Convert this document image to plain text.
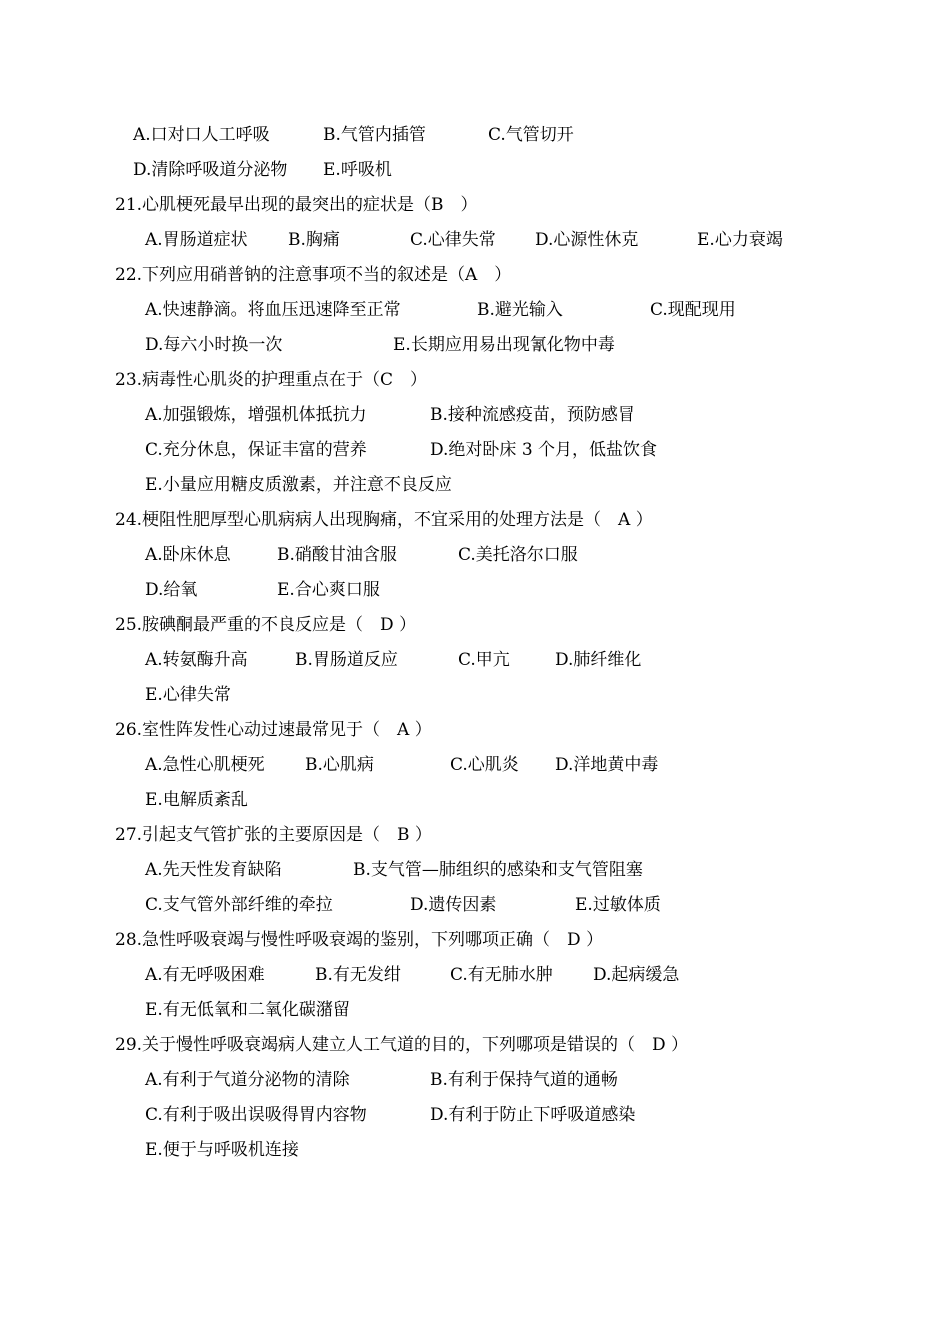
A.口对口人工呼吸

	B.气管内插管

	C.气管切开

D.清除呼吸道分泌物

E.呼吸机

21.心肌梗死最早出现的最突出的症状是（B　）

A.胃肠道症状

B.胸痛

	C.心律失常

D.心源性休克

	E.心力衰竭

22.下列应用硝普钠的注意事项不当的叙述是（A　）

A.快速静滴。将血压迅速降至正常

	B.避光输入

	C.现配现用

D.每六小时换一次

	E.长期应用易出现氰化物中毒

23.病毒性心肌炎的护理重点在于（C　）

A.加强锻炼，增强机体抵抗力

	B.接种流感疫苗，预防感冒

C.充分休息，保证丰富的营养

	D.绝对卧床 3 个月，低盐饮食

E.小量应用糖皮质激素，并注意不良反应

24.梗阻性肥厚型心肌病病人出现胸痛，不宜采用的处理方法是（　A ）

A.卧床休息

	B.硝酸甘油含服

	C.美托洛尔口服

D.给氧

	E.合心爽口服

25.胺碘酮最严重的不良反应是（　D ）

A.转氨酶升高

	B.胃肠道反应

	C.甲亢

	D.肺纤维化

E.心律失常

26.室性阵发性心动过速最常见于（　A ）

A.急性心肌梗死

B.心肌病

	C.心肌炎

D.洋地黄中毒

E.电解质紊乱

27.引起支气管扩张的主要原因是（　B ）

A.先天性发育缺陷

	B.支气管—肺组织的感染和支气管阻塞

C.支气管外部纤维的牵拉

	D.遗传因素

	E.过敏体质

28.急性呼吸衰竭与慢性呼吸衰竭的鉴别，下列哪项正确（　D ）

A.有无呼吸困难

	B.有无发绀

	C.有无肺水肿

D.起病缓急

E.有无低氧和二氧化碳潴留

29.关于慢性呼吸衰竭病人建立人工气道的目的，下列哪项是错误的（　D ）

A.有利于气道分泌物的清除

	B.有利于保持气道的通畅

C.有利于吸出误吸得胃内容物

	D.有利于防止下呼吸道感染

E.便于与呼吸机连接
